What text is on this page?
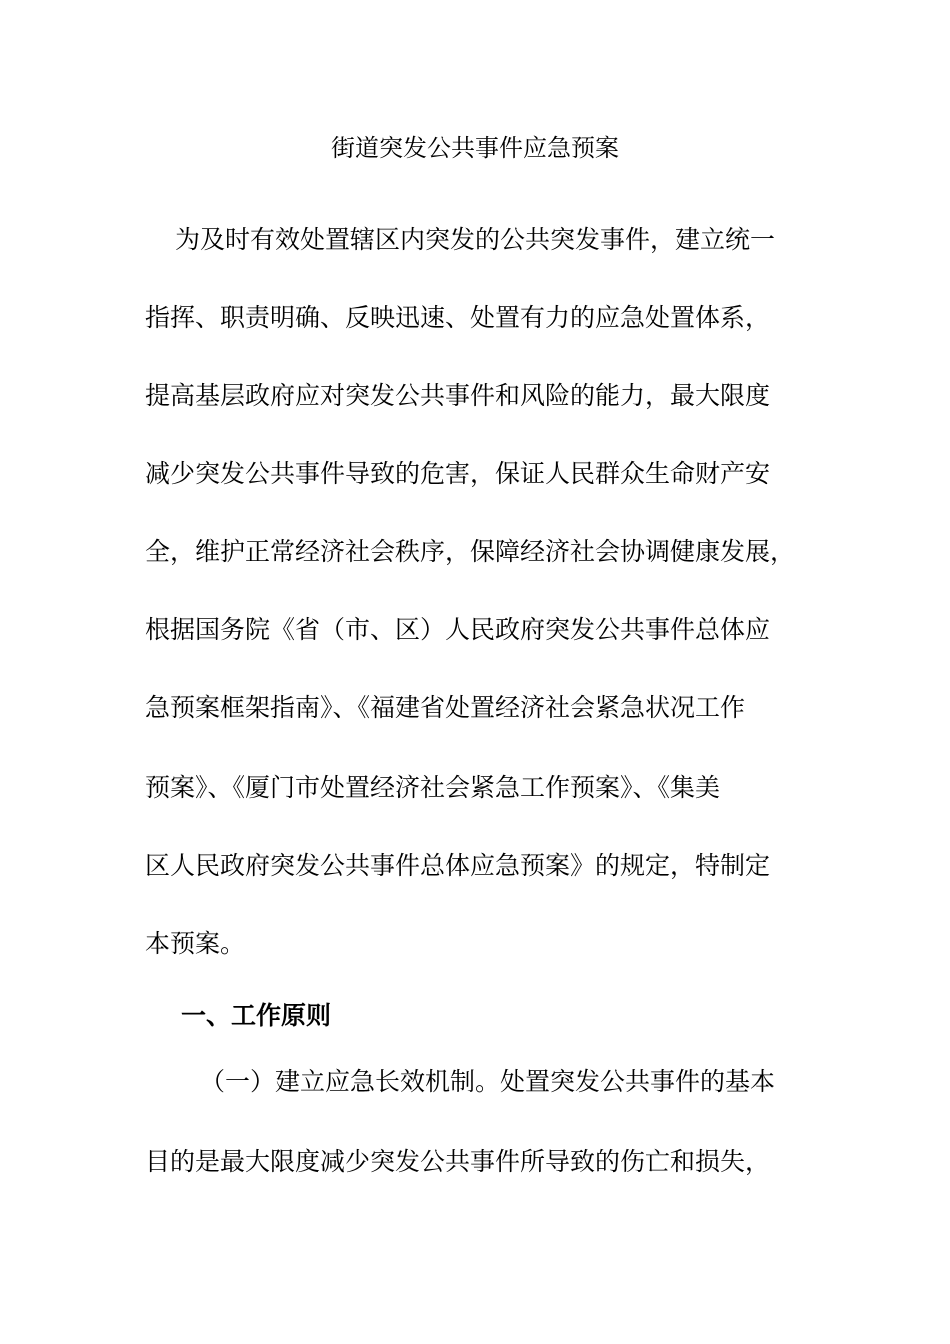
街道突发公共事件应急预案

为及时有效处置辖区内突发的公共突发事件，建立统一

指挥、职责明确、反映迅速、处置有力的应急处置体系，

提高基层政府应对突发公共事件和风险的能力，最大限度

减少突发公共事件导致的危害，保证人民群众生命财产安

全，维护正常经济社会秩序，保障经济社会协调健康发展，

根据国务院《省（市、区）人民政府突发公共事件总体应

急预案框架指南》、《福建省处置经济社会紧急状况工作

预案》、《厦门市处置经济社会紧急工作预案》、《集美

区人民政府突发公共事件总体应急预案》的规定，特制定

本预案。

一、工作原则

（一）建立应急长效机制。处置突发公共事件的基本

目的是最大限度减少突发公共事件所导致的伤亡和损失，
